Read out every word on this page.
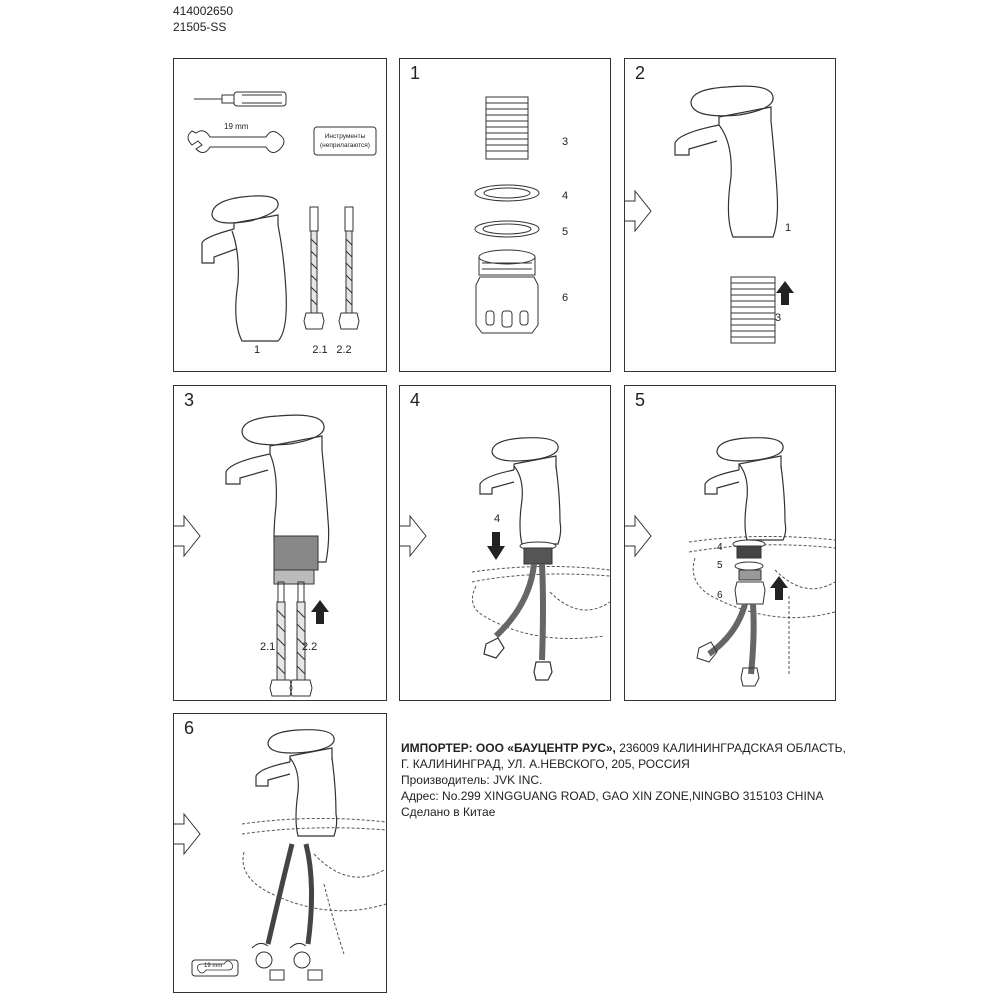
414002650
21505-SS
19 mm
Инструменты
(неприлагаются)
1	2.1 2.2
1
3
4
5
6
2
1
3
3
2.1 2.2
4
4
5
4
5
6
6
19 mm
ИМПОРТЕР: ООО «БАУЦЕНТР РУС», 236009 КАЛИНИНГРАДСКАЯ ОБЛАСТЬ,
Г. КАЛИНИНГРАД, УЛ. А.НЕВСКОГО, 205, РОССИЯ
Производитель: JVK INC.
Адрес: No.299 XINGGUANG ROAD, GAO XIN ZONE,NINGBO 315103 CHINA
Сделано в Китае
